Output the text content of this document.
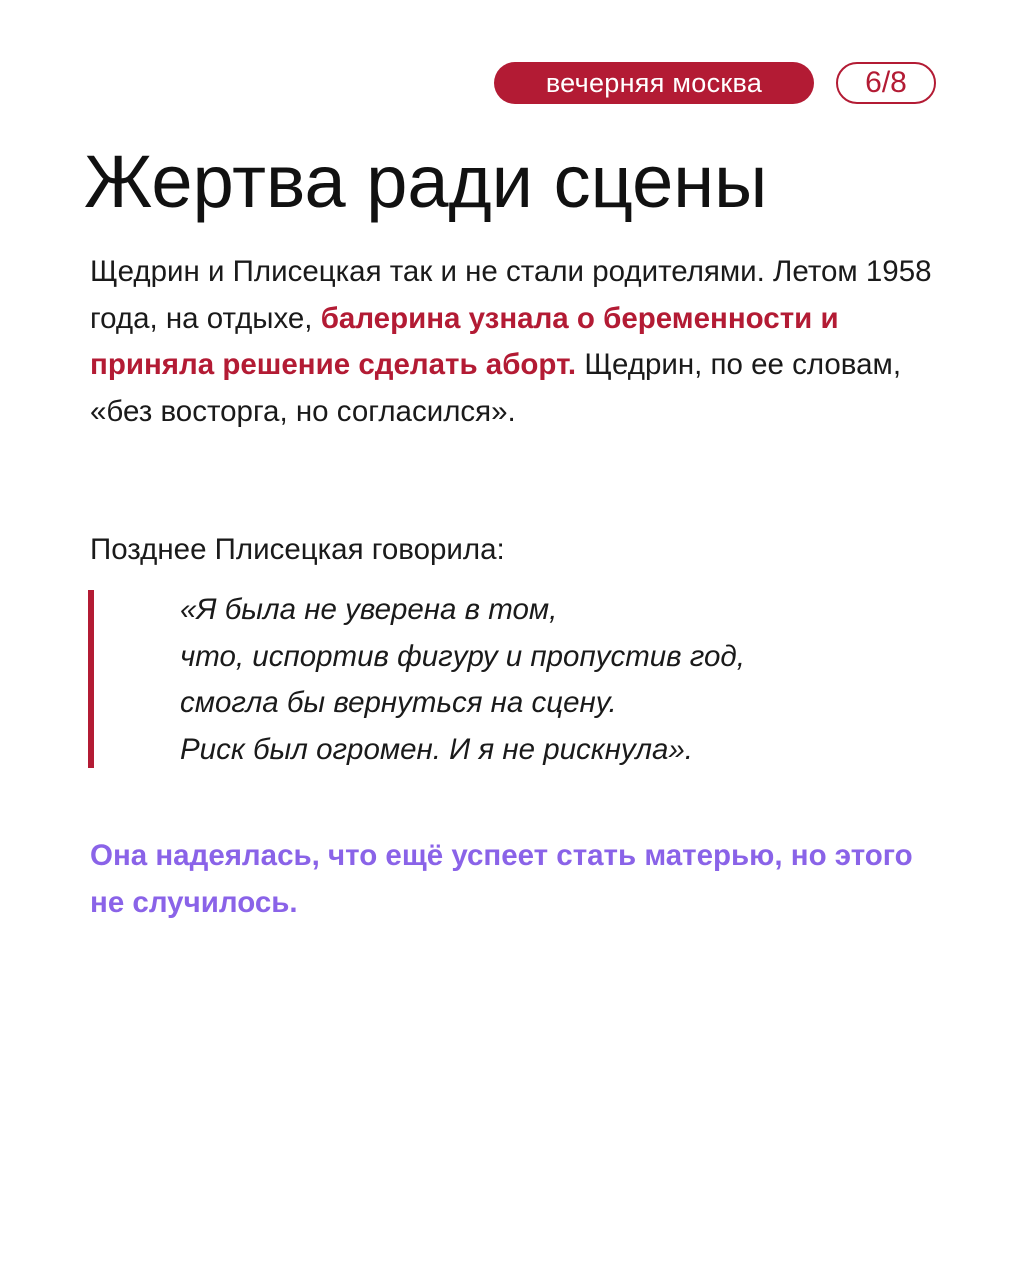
вечерняя москва	6/8
Жертва ради сцены

Щедрин и Плисецкая так и не стали родителями. Летом 1958 года, на отдыхе, балерина узнала о беременности и приняла решение сделать аборт. Щедрин, по ее словам, «без восторга, но согласился».

Позднее Плисецкая говорила:

«Я была не уверена в том,
что, испортив фигуру и пропустив год,
смогла бы вернуться на сцену.
Риск был огромен. И я не рискнула».

Она надеялась, что ещё успеет стать матерью, но этого не случилось.
